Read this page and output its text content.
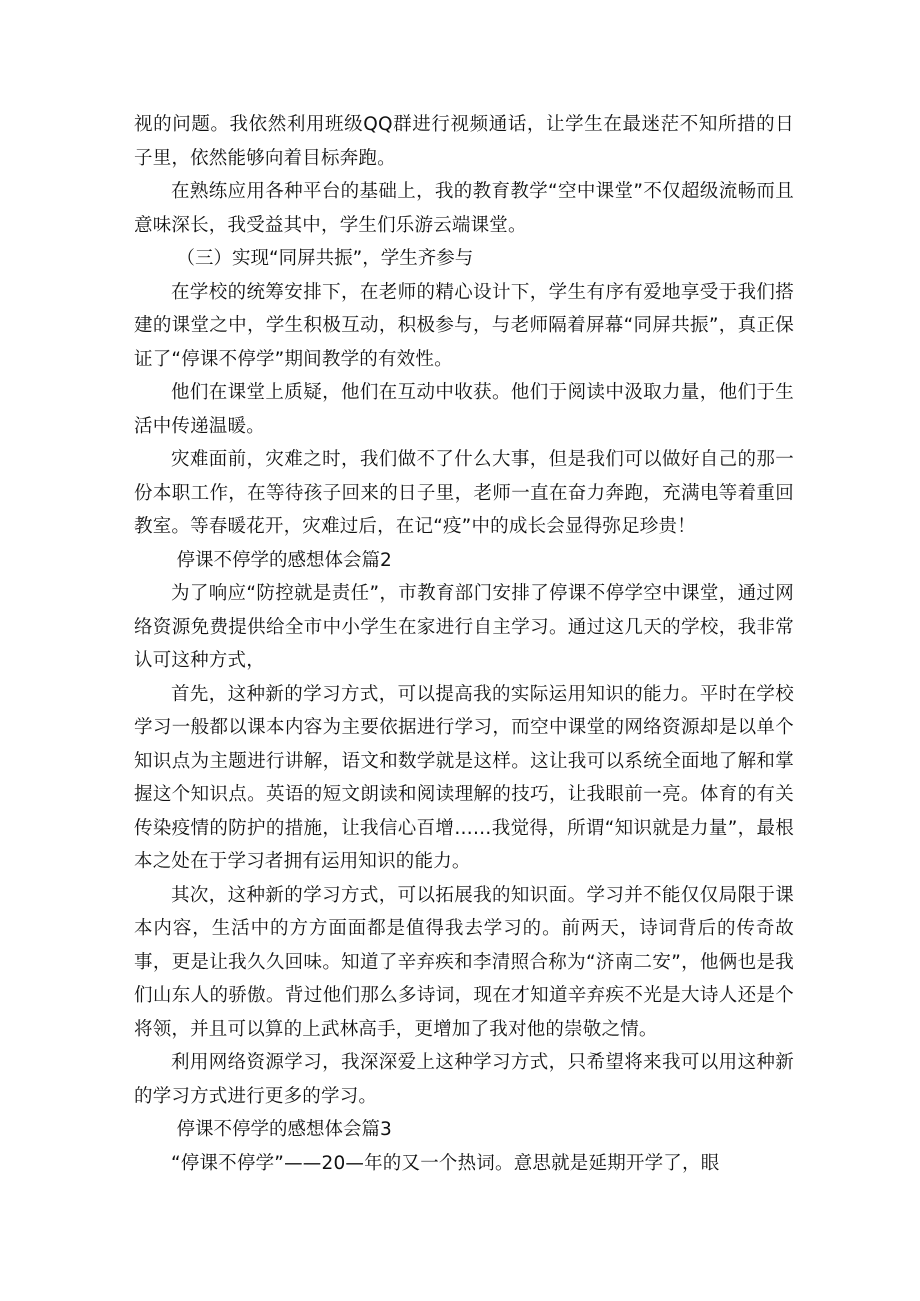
视的问题。我依然利用班级QQ群进行视频通话，让学生在最迷茫不知所措的日子里，依然能够向着目标奔跑。

在熟练应用各种平台的基础上，我的教育教学“空中课堂”不仅超级流畅而且意味深长，我受益其中，学生们乐游云端课堂。

（三）实现“同屏共振”，学生齐参与

在学校的统筹安排下，在老师的精心设计下，学生有序有爱地享受于我们搭建的课堂之中，学生积极互动，积极参与，与老师隔着屏幕“同屏共振”，真正保证了“停课不停学”期间教学的有效性。

他们在课堂上质疑，他们在互动中收获。他们于阅读中汲取力量，他们于生活中传递温暖。

灾难面前，灾难之时，我们做不了什么大事，但是我们可以做好自己的那一份本职工作，在等待孩子回来的日子里，老师一直在奋力奔跑，充满电等着重回教室。等春暖花开，灾难过后，在记“疫”中的成长会显得弥足珍贵！

停课不停学的感想体会篇2

为了响应“防控就是责任”，市教育部门安排了停课不停学空中课堂，通过网络资源免费提供给全市中小学生在家进行自主学习。通过这几天的学校，我非常认可这种方式，

首先，这种新的学习方式，可以提高我的实际运用知识的能力。平时在学校学习一般都以课本内容为主要依据进行学习，而空中课堂的网络资源却是以单个知识点为主题进行讲解，语文和数学就是这样。这让我可以系统全面地了解和掌握这个知识点。英语的短文朗读和阅读理解的技巧，让我眼前一亮。体育的有关传染疫情的防护的措施，让我信心百增……我觉得，所谓“知识就是力量”，最根本之处在于学习者拥有运用知识的能力。

其次，这种新的学习方式，可以拓展我的知识面。学习并不能仅仅局限于课本内容，生活中的方方面面都是值得我去学习的。前两天，诗词背后的传奇故事，更是让我久久回味。知道了辛弃疾和李清照合称为“济南二安”，他俩也是我们山东人的骄傲。背过他们那么多诗词，现在才知道辛弃疾不光是大诗人还是个将领，并且可以算的上武林高手，更增加了我对他的崇敬之情。

利用网络资源学习，我深深爱上这种学习方式，只希望将来我可以用这种新的学习方式进行更多的学习。

停课不停学的感想体会篇3

“停课不停学”——20—年的又一个热词。意思就是延期开学了，眼
